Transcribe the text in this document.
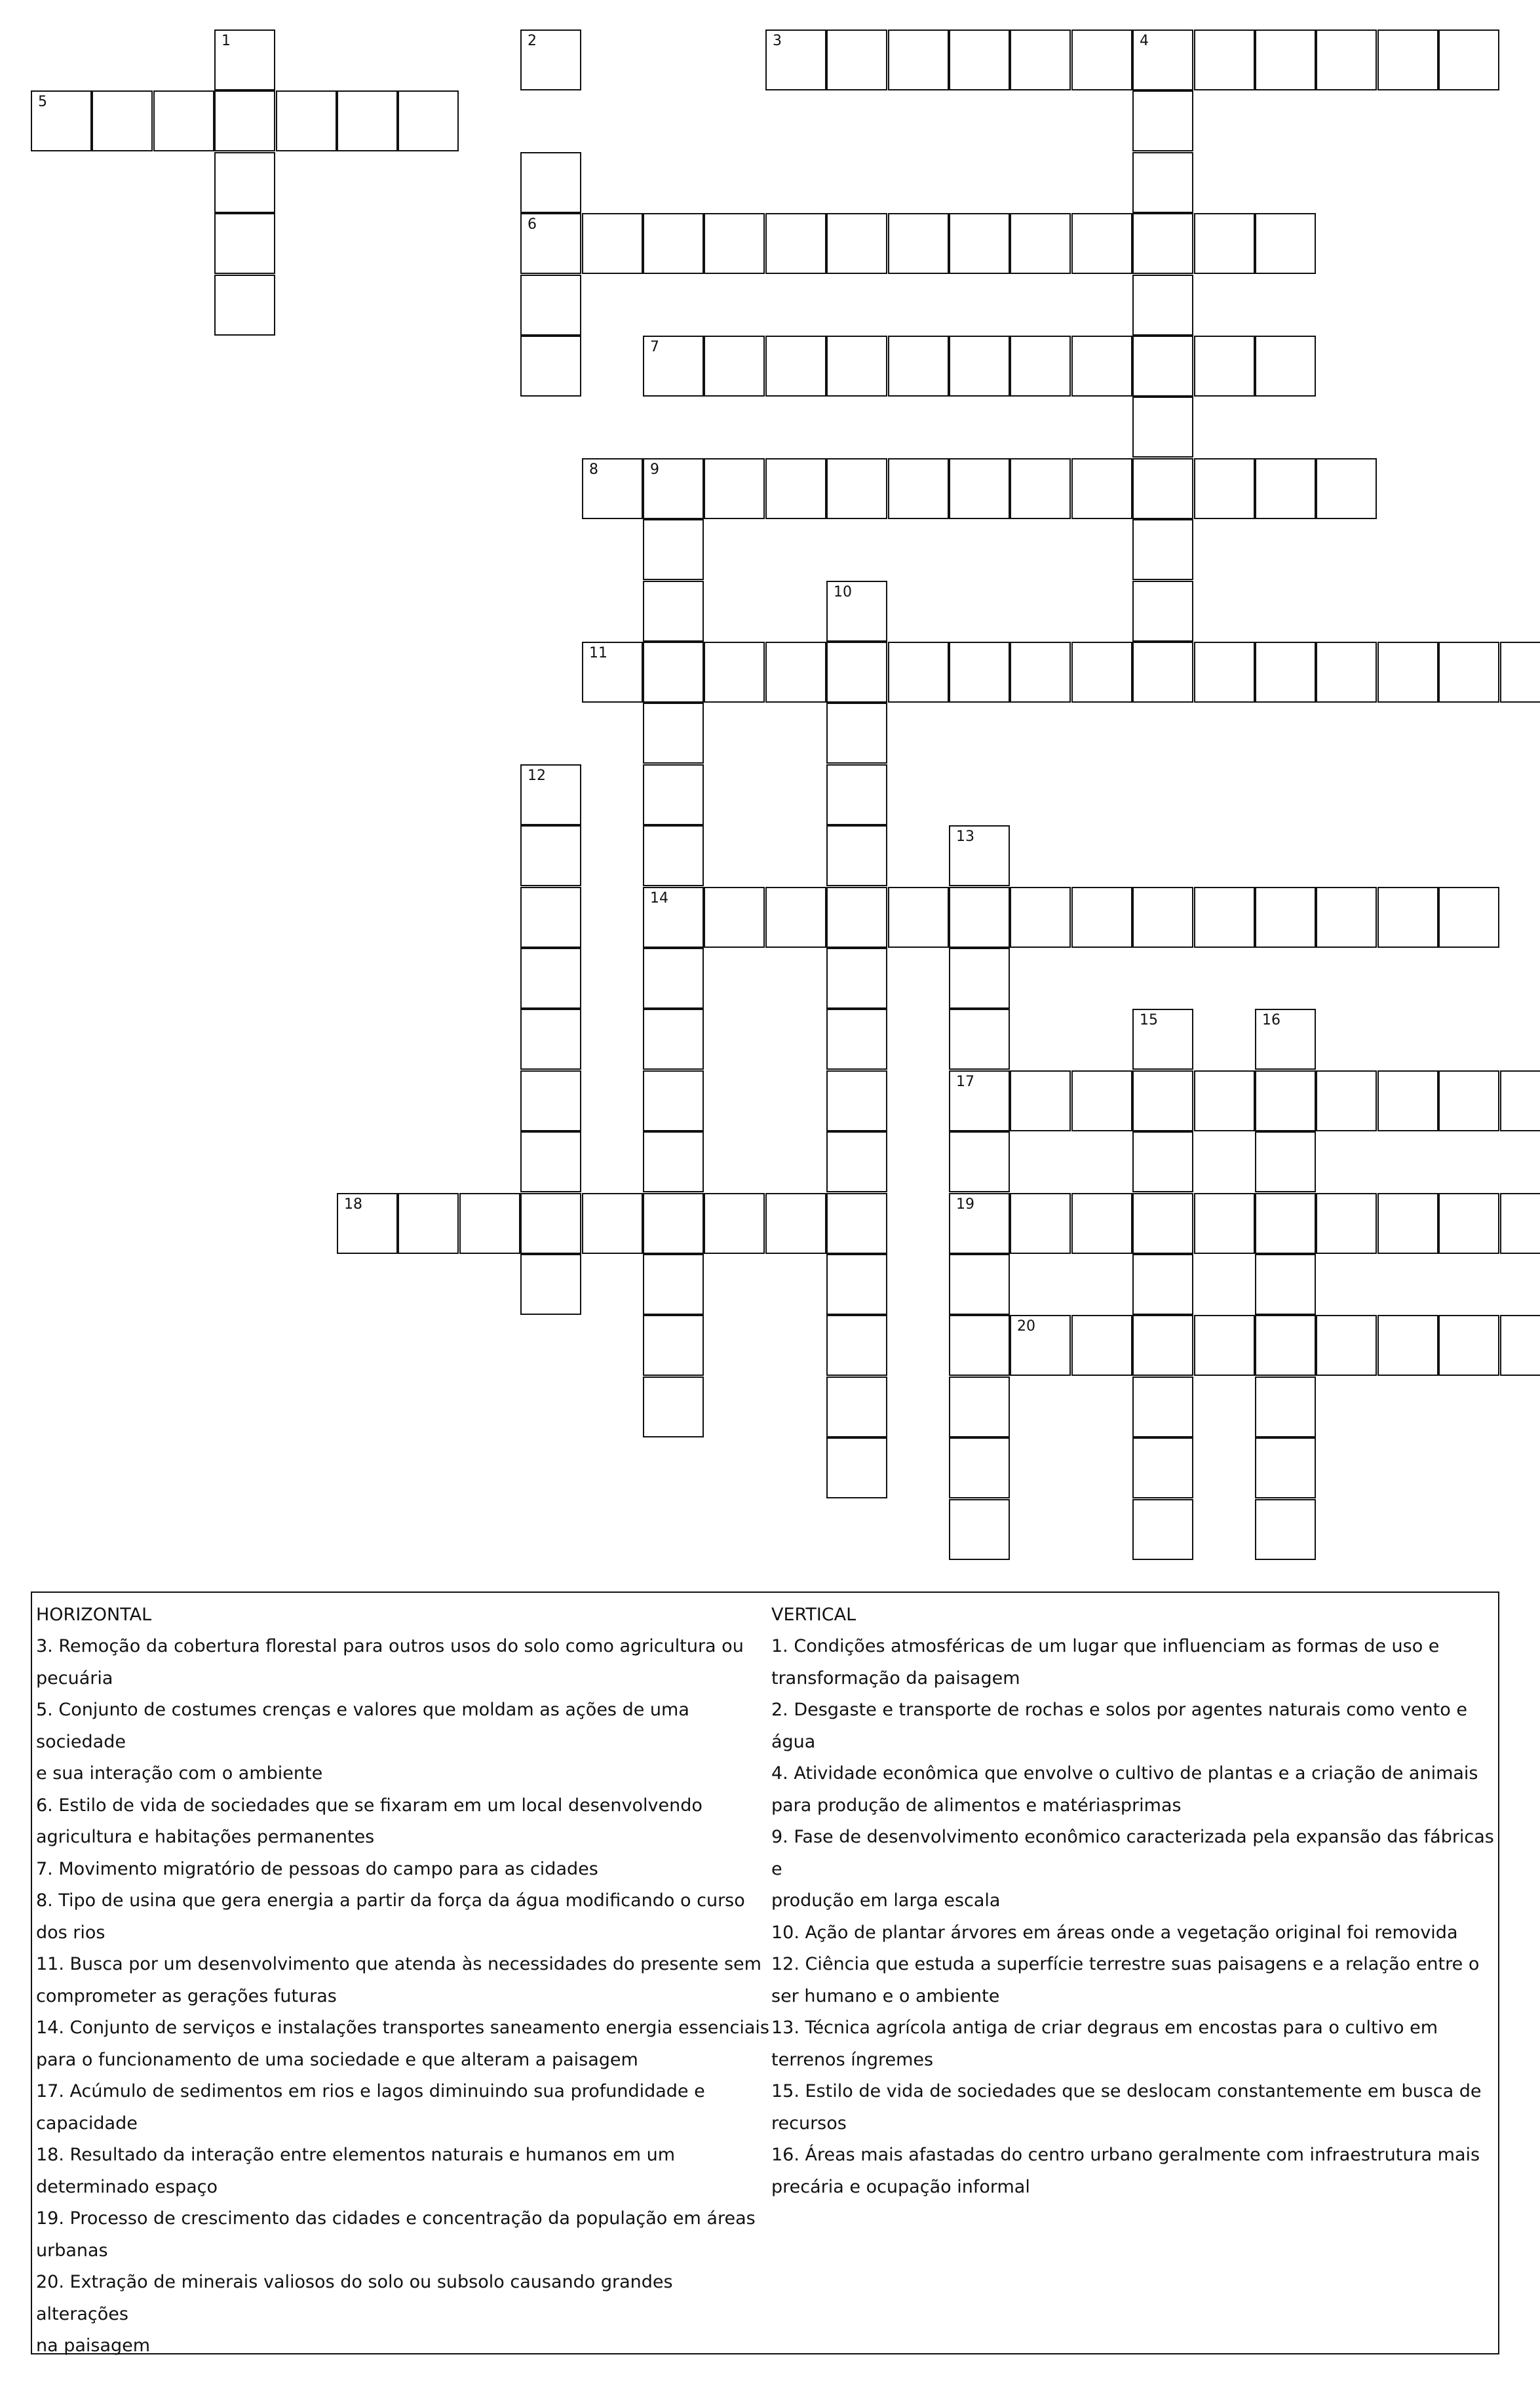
1	2	3	4
5
6
7
8	9
10
11
12
13
14
15	16
17
18	19
20

HORIZONTAL

3. Remoção da cobertura florestal para outros usos do solo como agricultura ou

pecuária

5. Conjunto de costumes crenças e valores que moldam as ações de uma sociedade

e sua interação com o ambiente

6. Estilo de vida de sociedades que se fixaram em um local desenvolvendo

agricultura e habitações permanentes

7. Movimento migratório de pessoas do campo para as cidades

8. Tipo de usina que gera energia a partir da força da água modificando o curso

dos rios

11. Busca por um desenvolvimento que atenda às necessidades do presente sem

comprometer as gerações futuras

14. Conjunto de serviços e instalações transportes saneamento energia essenciais

para o funcionamento de uma sociedade e que alteram a paisagem

17. Acúmulo de sedimentos em rios e lagos diminuindo sua profundidade e

capacidade

18. Resultado da interação entre elementos naturais e humanos em um

determinado espaço

19. Processo de crescimento das cidades e concentração da população em áreas

urbanas

20. Extração de minerais valiosos do solo ou subsolo causando grandes alterações

na paisagem

VERTICAL

1. Condições atmosféricas de um lugar que influenciam as formas de uso e

transformação da paisagem

2. Desgaste e transporte de rochas e solos por agentes naturais como vento e

água

4. Atividade econômica que envolve o cultivo de plantas e a criação de animais

para produção de alimentos e matériasprimas

9. Fase de desenvolvimento econômico caracterizada pela expansão das fábricas e

produção em larga escala

10. Ação de plantar árvores em áreas onde a vegetação original foi removida

12. Ciência que estuda a superfície terrestre suas paisagens e a relação entre o

ser humano e o ambiente

13. Técnica agrícola antiga de criar degraus em encostas para o cultivo em

terrenos íngremes

15. Estilo de vida de sociedades que se deslocam constantemente em busca de

recursos

16. Áreas mais afastadas do centro urbano geralmente com infraestrutura mais

precária e ocupação informal
